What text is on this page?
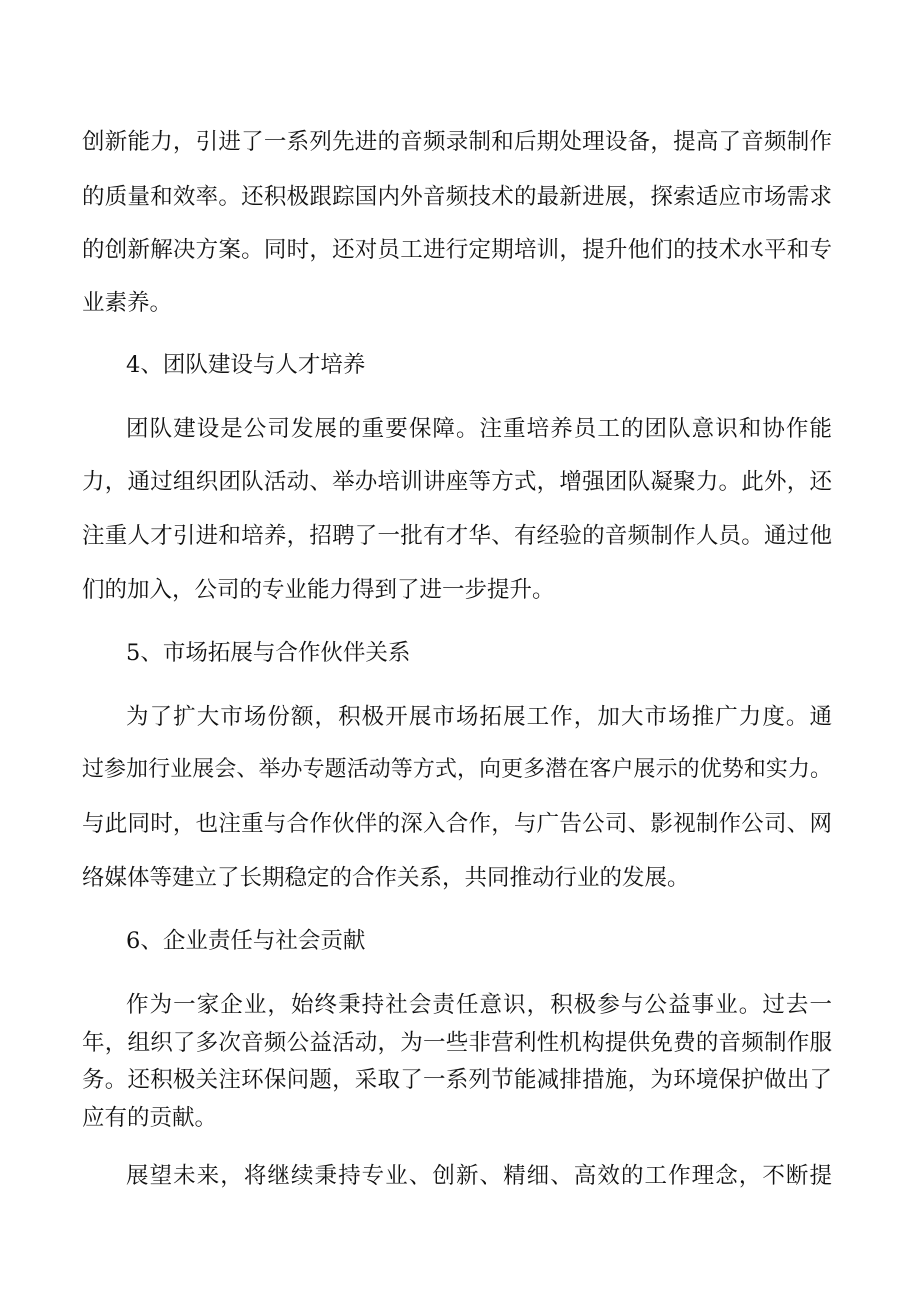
创新能力，引进了一系列先进的音频录制和后期处理设备，提高了音频制作
的质量和效率。还积极跟踪国内外音频技术的最新进展，探索适应市场需求
的创新解决方案。同时，还对员工进行定期培训，提升他们的技术水平和专
业素养。
4、团队建设与人才培养
团队建设是公司发展的重要保障。注重培养员工的团队意识和协作能
力，通过组织团队活动、举办培训讲座等方式，增强团队凝聚力。此外，还
注重人才引进和培养，招聘了一批有才华、有经验的音频制作人员。通过他
们的加入，公司的专业能力得到了进一步提升。
5、市场拓展与合作伙伴关系
为了扩大市场份额，积极开展市场拓展工作，加大市场推广力度。通
过参加行业展会、举办专题活动等方式，向更多潜在客户展示的优势和实力。
与此同时，也注重与合作伙伴的深入合作，与广告公司、影视制作公司、网
络媒体等建立了长期稳定的合作关系，共同推动行业的发展。
6、企业责任与社会贡献
作为一家企业，始终秉持社会责任意识，积极参与公益事业。过去一
年，组织了多次音频公益活动，为一些非营利性机构提供免费的音频制作服
务。还积极关注环保问题，采取了一系列节能减排措施，为环境保护做出了
应有的贡献。
展望未来，将继续秉持专业、创新、精细、高效的工作理念，不断提
